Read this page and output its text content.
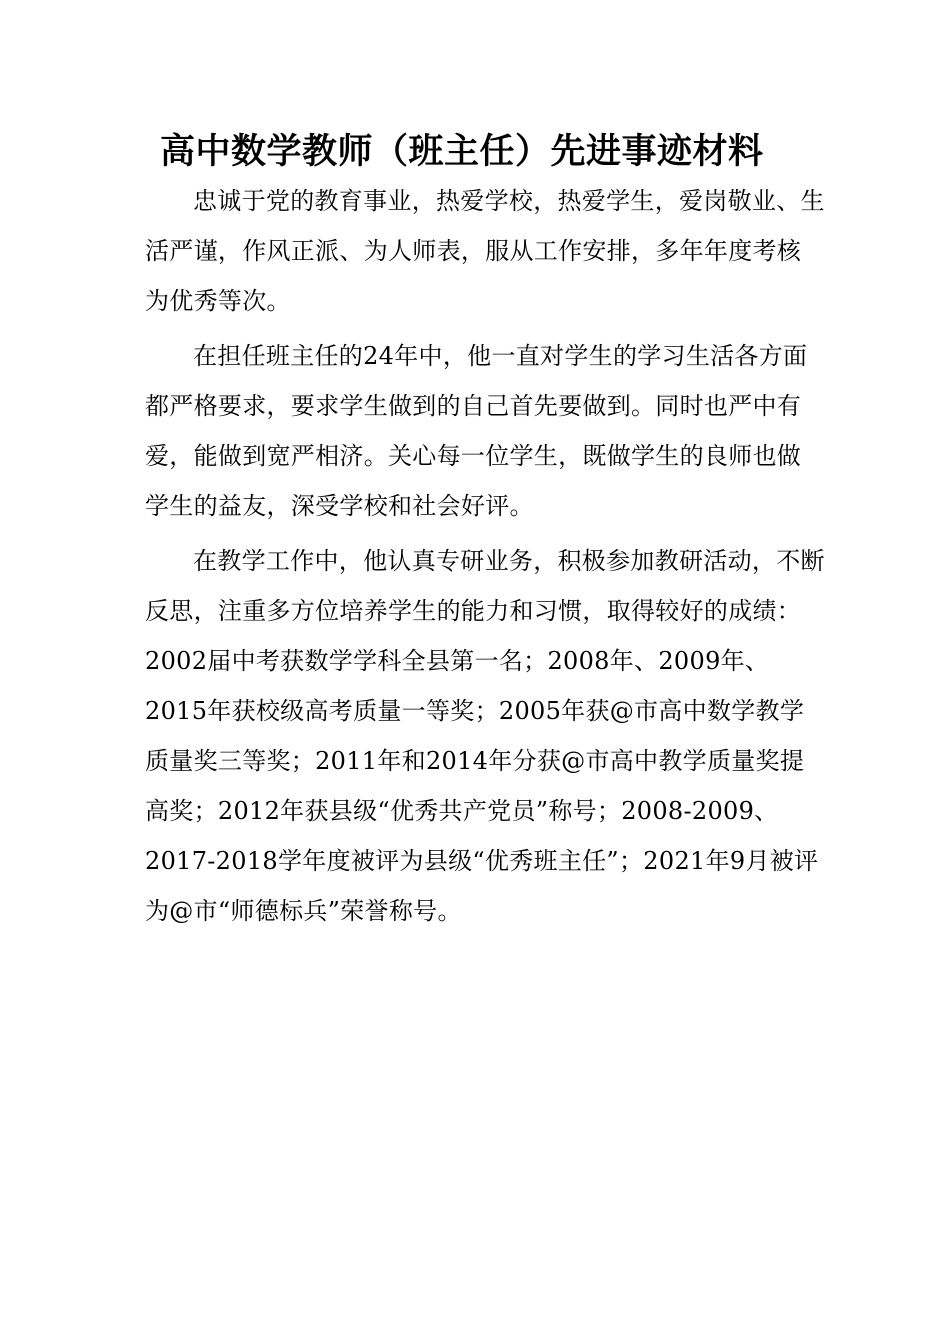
高中数学教师（班主任）先进事迹材料

忠诚于党的教育事业，热爱学校，热爱学生，爱岗敬业、生活严谨，作风正派、为人师表，服从工作安排，多年年度考核为优秀等次。

在担任班主任的24年中，他一直对学生的学习生活各方面都严格要求，要求学生做到的自己首先要做到。同时也严中有爱，能做到宽严相济。关心每一位学生，既做学生的良师也做学生的益友，深受学校和社会好评。

在教学工作中，他认真专研业务，积极参加教研活动，不断反思，注重多方位培养学生的能力和习惯，取得较好的成绩：2002届中考获数学学科全县第一名；2008年、2009年、2015年获校级高考质量一等奖；2005年获@市高中数学教学质量奖三等奖；2011年和2014年分获@市高中教学质量奖提高奖；2012年获县级“优秀共产党员”称号；2008-2009、2017-2018学年度被评为县级“优秀班主任”；2021年9月被评为@市“师德标兵”荣誉称号。
